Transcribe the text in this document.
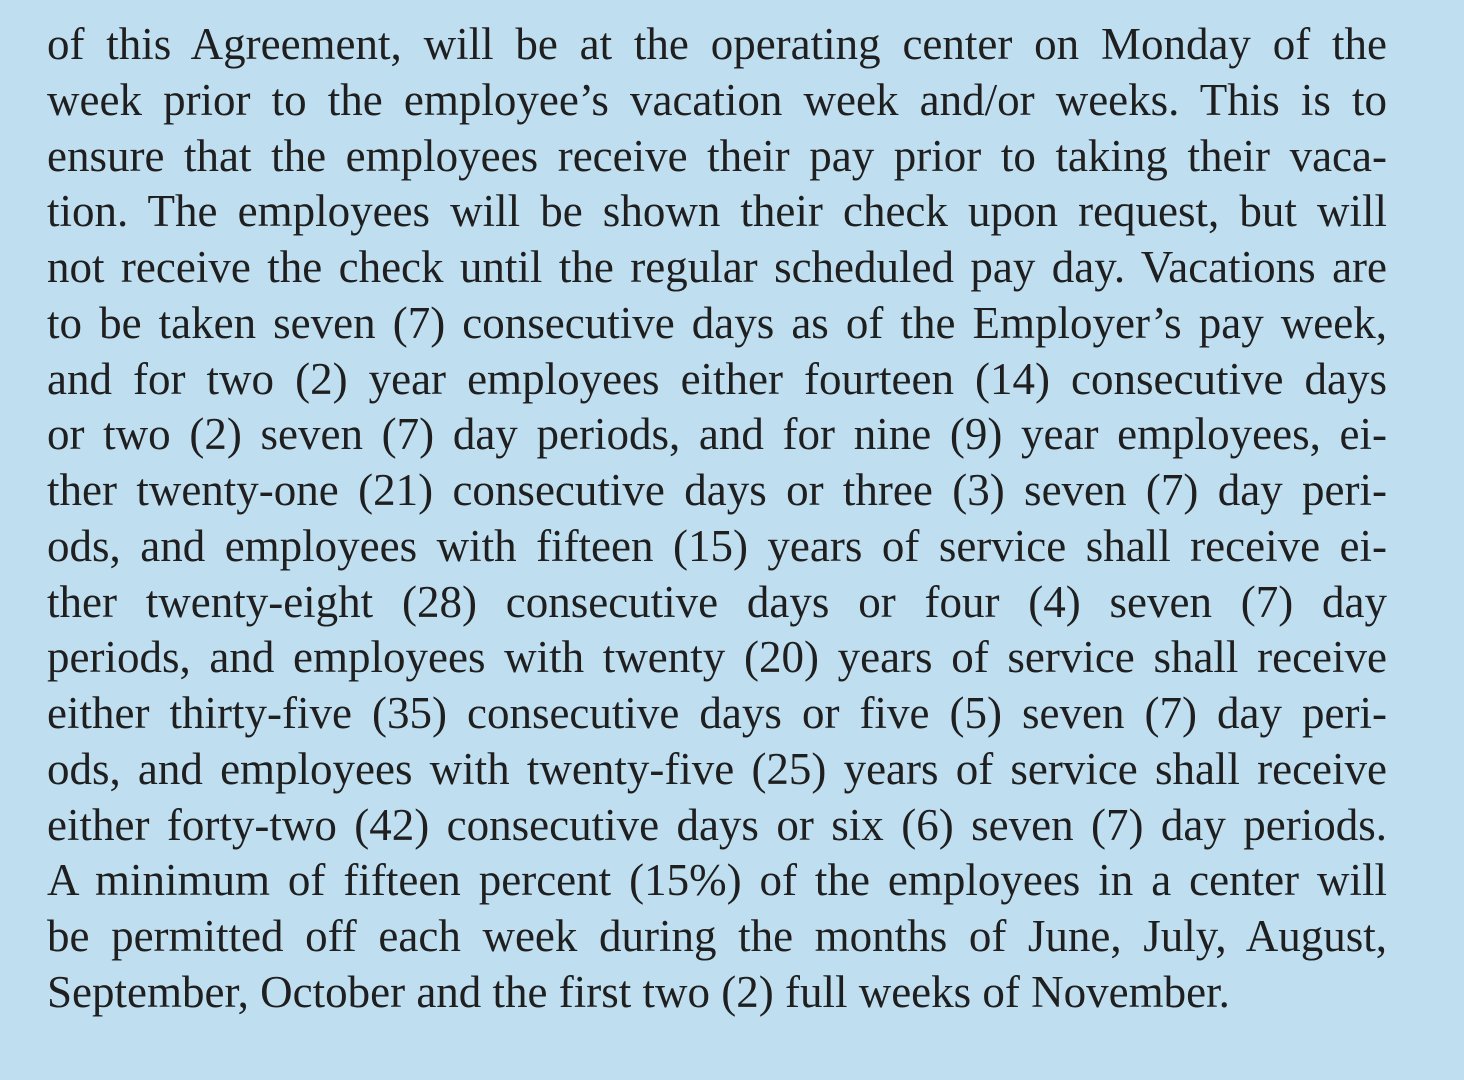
of this Agreement, will be at the operating center on Monday of the
week prior to the employee’s vacation week and/or weeks. This is to
ensure that the employees receive their pay prior to taking their vaca-
tion. The employees will be shown their check upon request, but will
not receive the check until the regular scheduled pay day. Vacations are
to be taken seven (7) consecutive days as of the Employer’s pay week,
and for two (2) year employees either fourteen (14) consecutive days
or two (2) seven (7) day periods, and for nine (9) year employees, ei-
ther twenty-one (21) consecutive days or three (3) seven (7) day peri-
ods, and employees with fifteen (15) years of service shall receive ei-
ther twenty-eight (28) consecutive days or four (4) seven (7) day
periods, and employees with twenty (20) years of service shall receive
either thirty-five (35) consecutive days or five (5) seven (7) day peri-
ods, and employees with twenty-five (25) years of service shall receive
either forty-two (42) consecutive days or six (6) seven (7) day periods.
A minimum of fifteen percent (15%) of the employees in a center will
be permitted off each week during the months of June, July, August,
September, October and the first two (2) full weeks of November.
